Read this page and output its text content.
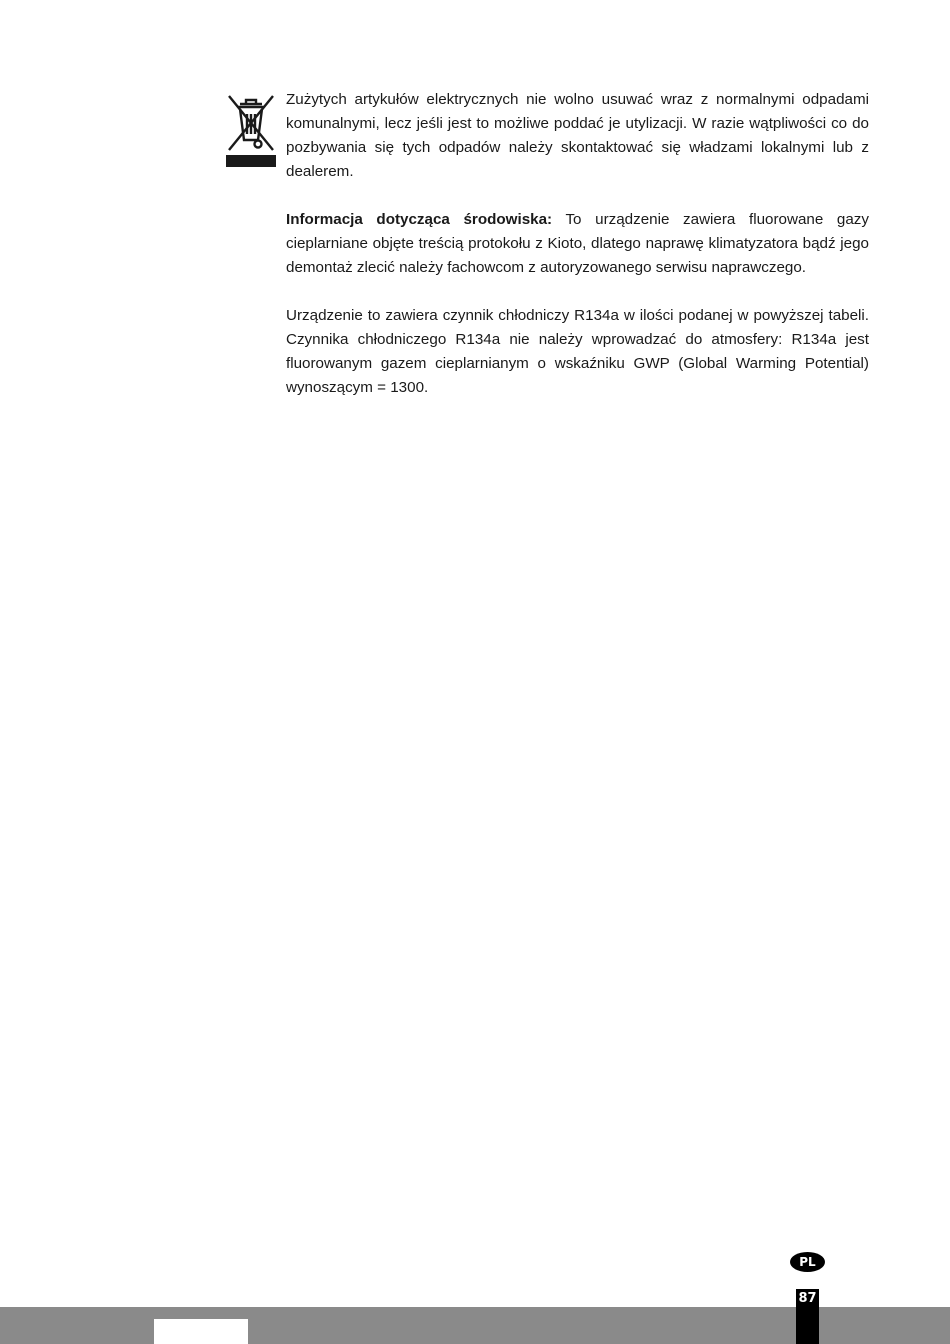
Zużytych artykułów elektrycznych nie wolno usuwać wraz z normalnymi odpadami komunalnymi, lecz jeśli jest to możliwe poddać je utylizacji. W razie wątpliwości co do pozbywania się tych odpadów należy skontaktować się władzami lokalnymi lub z dealerem.

Informacja dotycząca środowiska: To urządzenie zawiera fluorowane gazy cieplarniane objęte treścią protokołu z Kioto, dlatego naprawę klimatyzatora bądź jego demontaż zlecić należy fachowcom z autoryzowanego serwisu naprawczego.

Urządzenie to zawiera czynnik chłodniczy R134a w ilości podanej w powyższej tabeli. Czynnika chłodniczego R134a nie należy wprowadzać do atmosfery: R134a jest fluorowanym gazem cieplarnianym o wskaźniku GWP (Global Warming Potential) wynoszącym = 1300.

PL
87
